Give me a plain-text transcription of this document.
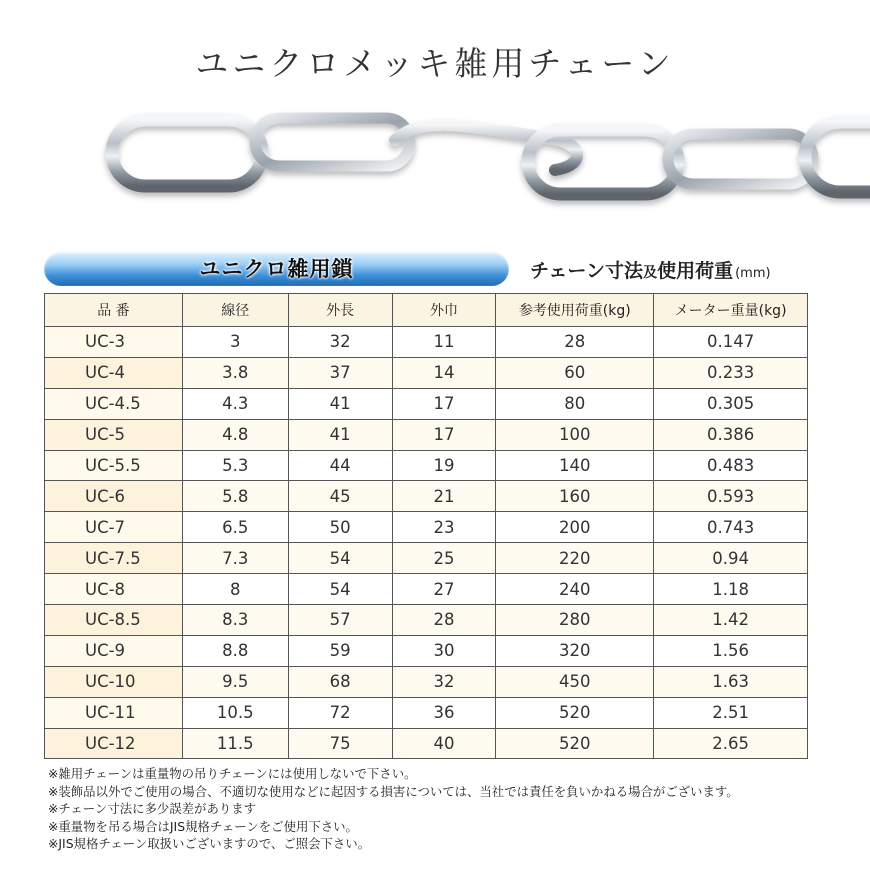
ユニクロメッキ雑用チェーン
ユニクロ雑用鎖	チェーン寸法及使用荷重 (mm)
品 番	線径	外長	外巾	参考使用荷重(kg)	メーター重量(kg)
UC-3	3	32	11	28	0.147
UC-4	3.8	37	14	60	0.233
UC-4.5	4.3	41	17	80	0.305
UC-5	4.8	41	17	100	0.386
UC-5.5	5.3	44	19	140	0.483
UC-6	5.8	45	21	160	0.593
UC-7	6.5	50	23	200	0.743
UC-7.5	7.3	54	25	220	0.94
UC-8	8	54	27	240	1.18
UC-8.5	8.3	57	28	280	1.42
UC-9	8.8	59	30	320	1.56
UC-10	9.5	68	32	450	1.63
UC-11	10.5	72	36	520	2.51
UC-12	11.5	75	40	520	2.65
※雑用チェーンは重量物の吊りチェーンには使用しないで下さい。
※装飾品以外でご使用の場合、不適切な使用などに起因する損害については、当社では責任を負いかねる場合がございます。
※チェーン寸法に多少誤差があります
※重量物を吊る場合はJIS規格チェーンをご使用下さい。
※JIS規格チェーン取扱いございますので、ご照会下さい。
